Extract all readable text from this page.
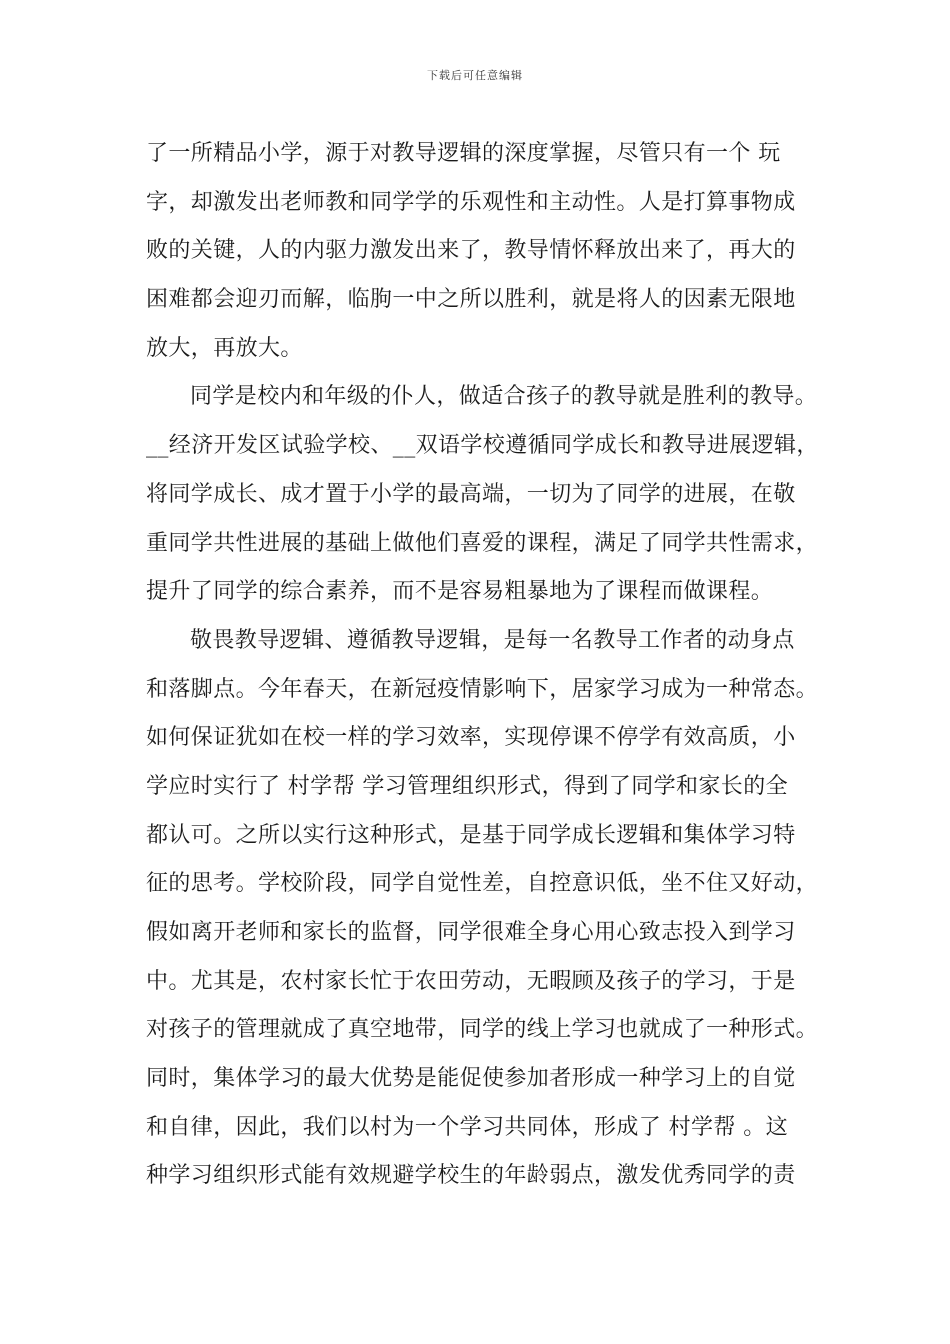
下载后可任意编辑
了一所精品小学，源于对教导逻辑的深度掌握，尽管只有一个 玩
字，却激发出老师教和同学学的乐观性和主动性。人是打算事物成
败的关键，人的内驱力激发出来了，教导情怀释放出来了，再大的
困难都会迎刃而解，临朐一中之所以胜利，就是将人的因素无限地
放大，再放大。
同学是校内和年级的仆人，做适合孩子的教导就是胜利的教导。
__经济开发区试验学校、__双语学校遵循同学成长和教导进展逻辑，
将同学成长、成才置于小学的最高端，一切为了同学的进展，在敬
重同学共性进展的基础上做他们喜爱的课程，满足了同学共性需求，
提升了同学的综合素养，而不是容易粗暴地为了课程而做课程。
敬畏教导逻辑、遵循教导逻辑，是每一名教导工作者的动身点
和落脚点。今年春天，在新冠疫情影响下，居家学习成为一种常态。
如何保证犹如在校一样的学习效率，实现停课不停学有效高质，小
学应时实行了 村学帮 学习管理组织形式，得到了同学和家长的全
都认可。之所以实行这种形式，是基于同学成长逻辑和集体学习特
征的思考。学校阶段，同学自觉性差，自控意识低，坐不住又好动，
假如离开老师和家长的监督，同学很难全身心用心致志投入到学习
中。尤其是，农村家长忙于农田劳动，无暇顾及孩子的学习，于是
对孩子的管理就成了真空地带，同学的线上学习也就成了一种形式。
同时，集体学习的最大优势是能促使参加者形成一种学习上的自觉
和自律，因此，我们以村为一个学习共同体，形成了 村学帮 。这
种学习组织形式能有效规避学校生的年龄弱点，激发优秀同学的责
